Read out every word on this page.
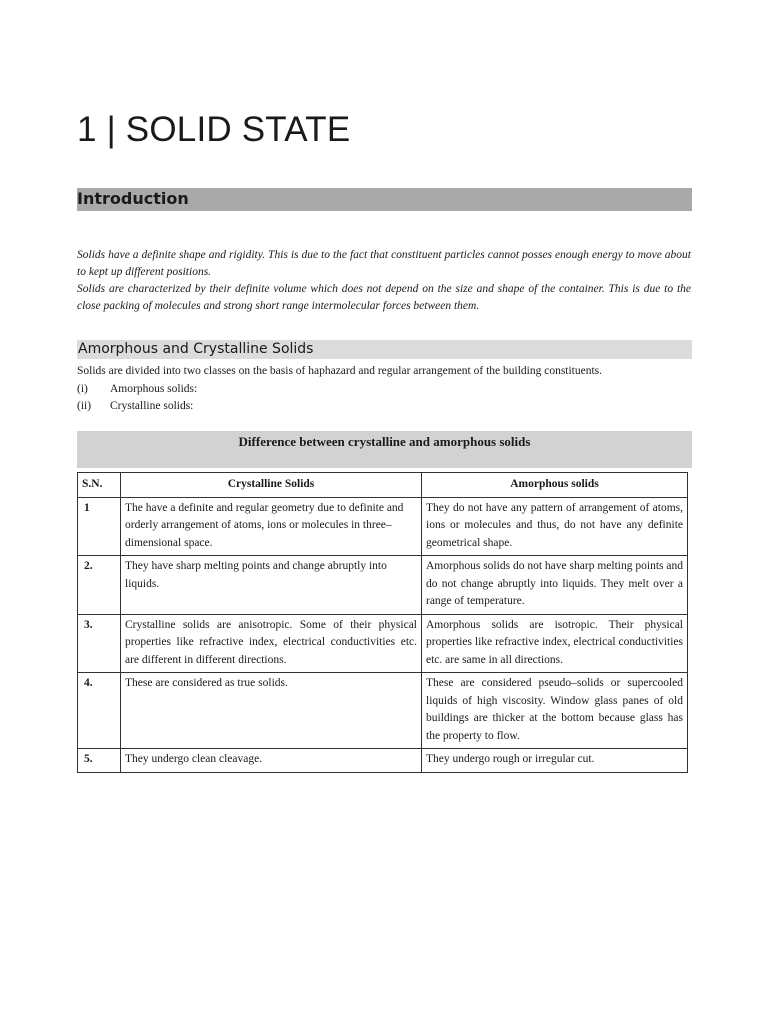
1 | SOLID STATE
Introduction

Solids have a definite shape and rigidity. This is due to the fact that constituent particles cannot posses enough energy to move about to kept up different positions.

Solids are characterized by their definite volume which does not depend on the size and shape of the container. This is due to the close packing of molecules and strong short range intermolecular forces between them.

Amorphous and Crystalline Solids

Solids are divided into two classes on the basis of haphazard and regular arrangement of the building constituents.

(i)	Amorphous solids:
(ii)	Crystalline solids:
Difference between crystalline and amorphous solids
S.N.	Crystalline Solids	Amorphous solids
1	The have a definite and regular geometry due to definite and orderly arrangement of atoms, ions or molecules in three–dimensional space.	They do not have any pattern of arrangement of atoms, ions or molecules and thus, do not have any definite geometrical shape.
2.	They have sharp melting points and change abruptly into liquids.	Amorphous solids do not have sharp melting points and do not change abruptly into liquids. They melt over a range of temperature.
3.	Crystalline solids are anisotropic. Some of their physical properties like refractive index, electrical conductivities etc. are different in different directions.	Amorphous solids are isotropic. Their physical properties like refractive index, electrical conductivities etc. are same in all directions.
4.	These are considered as true solids.	These are considered pseudo–solids or supercooled liquids of high viscosity. Window glass panes of old buildings are thicker at the bottom because glass has the property to flow.
5.	They undergo clean cleavage.	They undergo rough or irregular cut.
